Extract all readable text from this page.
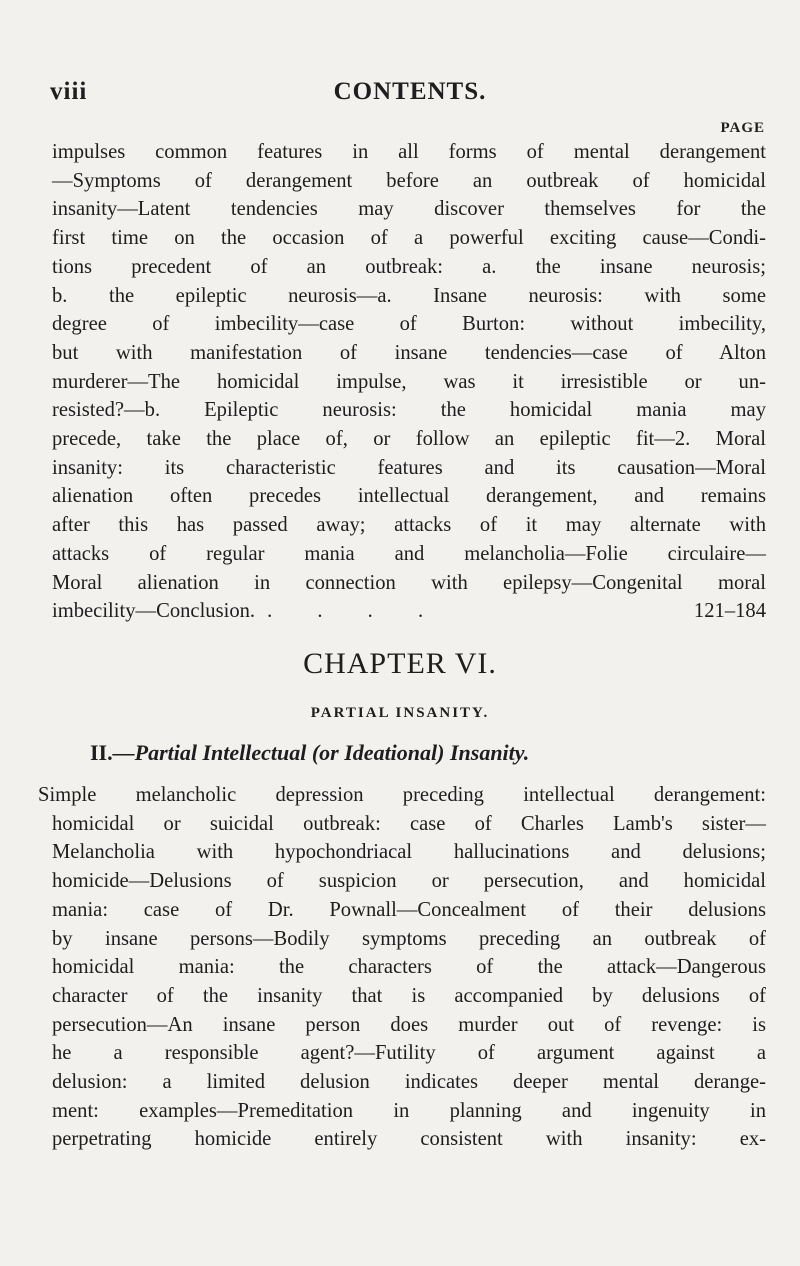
viii	CONTENTS.
PAGE
impulses common features in all forms of mental derangement
—Symptoms of derangement before an outbreak of homicidal
insanity—Latent tendencies may discover themselves for the
first time on the occasion of a powerful exciting cause—Condi-
tions precedent of an outbreak: a. the insane neurosis;
b. the epileptic neurosis—a. Insane neurosis: with some
degree of imbecility—case of Burton: without imbecility,
but with manifestation of insane tendencies—case of Alton
murderer—The homicidal impulse, was it irresistible or un-
resisted?—b. Epileptic neurosis: the homicidal mania may
precede, take the place of, or follow an epileptic fit—2. Moral
insanity: its characteristic features and its causation—Moral
alienation often precedes intellectual derangement, and remains
after this has passed away; attacks of it may alternate with
attacks of regular mania and melancholia—Folie circulaire—
Moral alienation in connection with epilepsy—Congenital moral
imbecility—Conclusion. . . . .	121–184
CHAPTER VI.
PARTIAL INSANITY.
II.—Partial Intellectual (or Ideational) Insanity.
Simple melancholic depression preceding intellectual derangement:
homicidal or suicidal outbreak: case of Charles Lamb's sister—
Melancholia with hypochondriacal hallucinations and delusions;
homicide—Delusions of suspicion or persecution, and homicidal
mania: case of Dr. Pownall—Concealment of their delusions
by insane persons—Bodily symptoms preceding an outbreak of
homicidal mania: the characters of the attack—Dangerous
character of the insanity that is accompanied by delusions of
persecution—An insane person does murder out of revenge: is
he a responsible agent?—Futility of argument against a
delusion: a limited delusion indicates deeper mental derange-
ment: examples—Premeditation in planning and ingenuity in
perpetrating homicide entirely consistent with insanity: ex-
